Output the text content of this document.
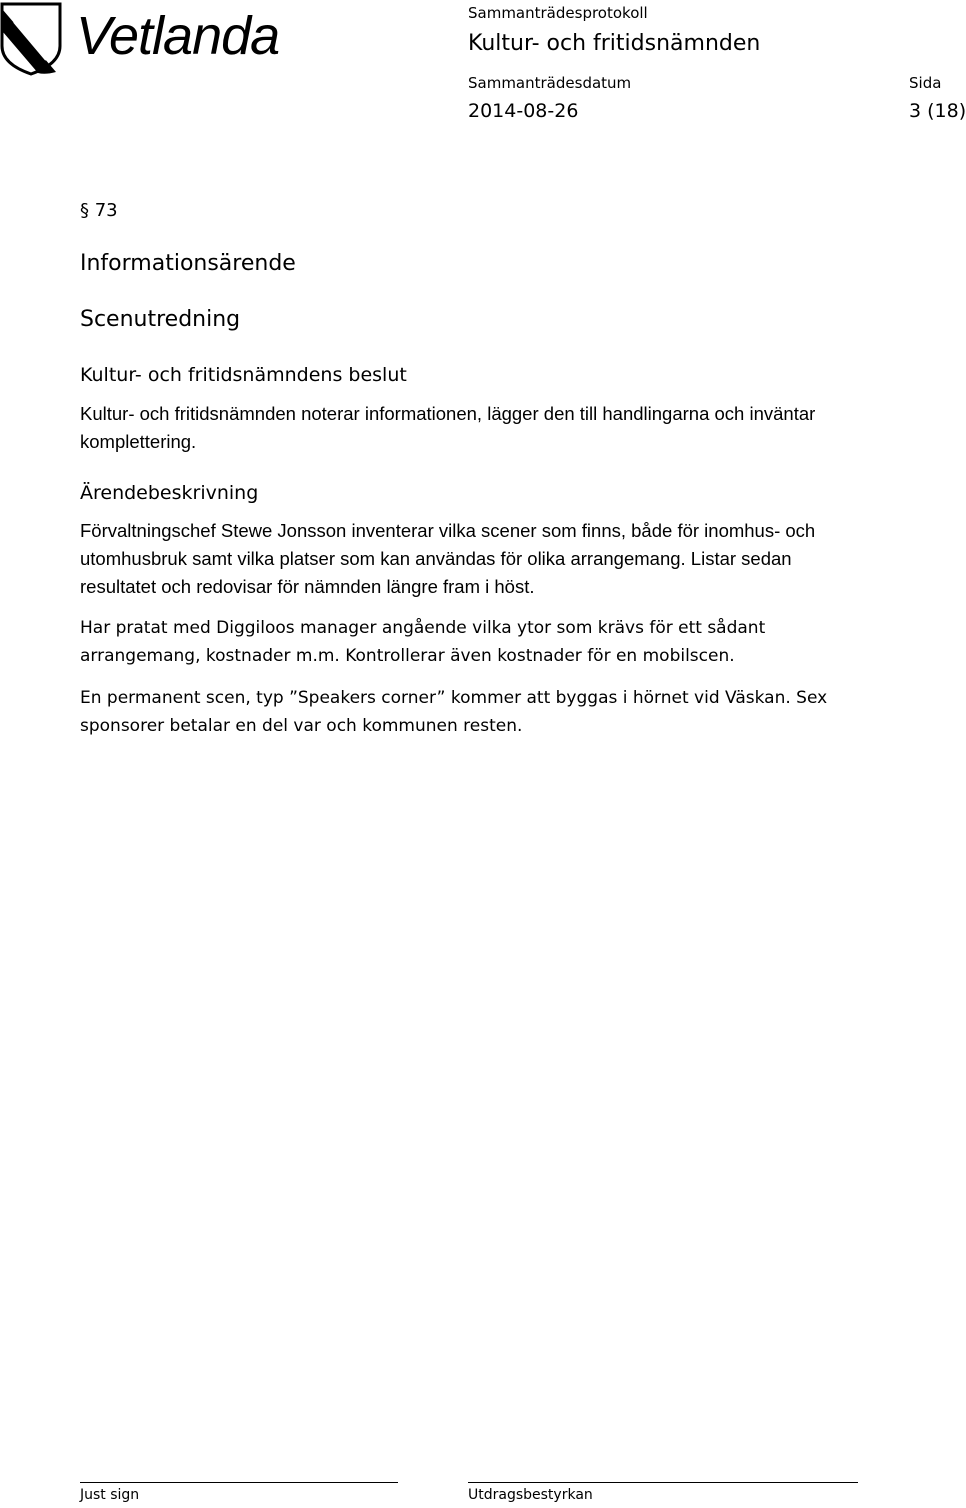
Vetlanda	Sammanträdesprotokoll
Kultur- och fritidsnämnden
Sammanträdesdatum	Sida
2014-08-26	3 (18)
§ 73
Informationsärende
Scenutredning
Kultur- och fritidsnämndens beslut

Kultur- och fritidsnämnden noterar informationen, lägger den till handlingarna och inväntar komplettering.

Ärendebeskrivning

Förvaltningschef Stewe Jonsson inventerar vilka scener som finns, både för inomhus- och utomhusbruk samt vilka platser som kan användas för olika arrangemang. Listar sedan resultatet och redovisar för nämnden längre fram i höst.

Har pratat med Diggiloos manager angående vilka ytor som krävs för ett sådant arrangemang, kostnader m.m. Kontrollerar även kostnader för en mobilscen.

En permanent scen, typ ”Speakers corner” kommer att byggas i hörnet vid Väskan. Sex sponsorer betalar en del var och kommunen resten.

Just sign	Utdragsbestyrkan
